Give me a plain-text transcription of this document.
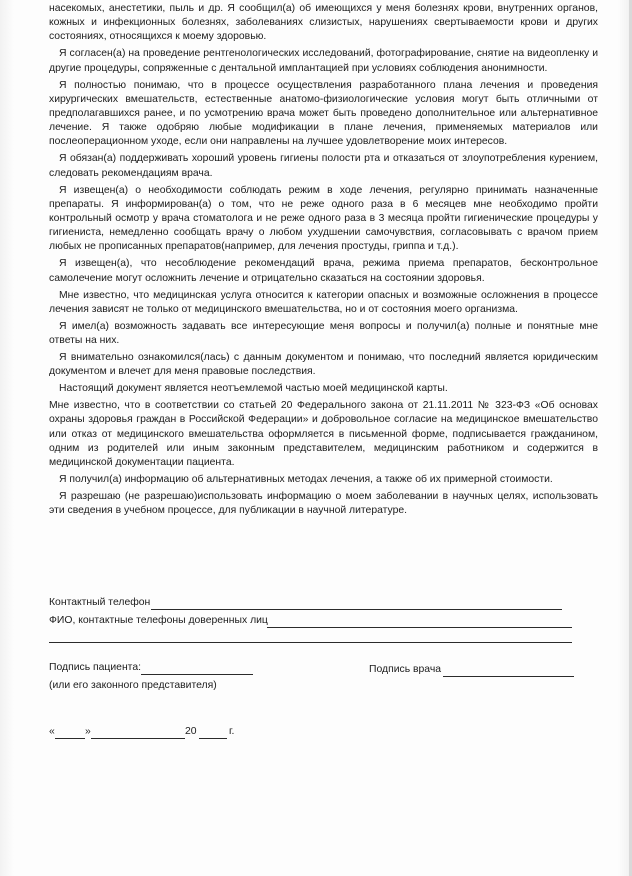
насекомых, анестетики, пыль и др. Я сообщил(а) об имеющихся у меня болезнях крови, внутренних органов, кожных и инфекционных болезнях, заболеваниях слизистых, нарушениях свертываемости крови и других состояниях, относящихся к моему здоровью.

Я согласен(а) на проведение рентгенологических исследований, фотографирование, снятие на видеопленку и другие процедуры, сопряженные с дентальной имплантацией при условиях соблюдения анонимности.

Я полностью понимаю, что в процессе осуществления разработанного плана лечения и проведения хирургических вмешательств, естественные анатомо-физиологические условия могут быть отличными от предполагавшихся ранее, и по усмотрению врача может быть проведено дополнительное или альтернативное лечение. Я также одобряю любые модификации в плане лечения, применяемых материалов или послеоперационном уходе, если они направлены на лучшее удовлетворение моих интересов.

Я обязан(а) поддерживать хороший уровень гигиены полости рта и отказаться от злоупотребления курением, следовать рекомендациям врача.

Я извещен(а) о необходимости соблюдать режим в ходе лечения, регулярно принимать назначенные препараты. Я информирован(а) о том, что не реже одного раза в 6 месяцев мне необходимо пройти контрольный осмотр у врача стоматолога и не реже одного раза в 3 месяца пройти гигиенические процедуры у гигиениста, немедленно сообщать врачу о любом ухудшении самочувствия, согласовывать с врачом прием любых не прописанных препаратов(например, для лечения простуды, гриппа и т.д.).

Я извещен(а), что несоблюдение рекомендаций врача, режима приема препаратов, бесконтрольное самолечение могут осложнить лечение и отрицательно сказаться на состоянии здоровья.

Мне известно, что медицинская услуга относится к категории опасных и возможные осложнения в процессе лечения зависят не только от медицинского вмешательства, но и от состояния моего организма.

Я имел(а) возможность задавать все интересующие меня вопросы и получил(а) полные и понятные мне ответы на них.

Я внимательно ознакомился(лась) с данным документом и понимаю, что последний является юридическим документом и влечет для меня правовые последствия.

Настоящий документ является неотъемлемой частью моей медицинской карты.

Мне известно, что в соответствии со статьей 20 Федерального закона от 21.11.2011 № 323-ФЗ «Об основах охраны здоровья граждан в Российской Федерации» и добровольное согласие на медицинское вмешательство или отказ от медицинского вмешательства оформляется в письменной форме, подписывается гражданином, одним из родителей или иным законным представителем, медицинским работником и содержится в медицинской документации пациента.

Я получил(а) информацию об альтернативных методах лечения, а также об их примерной стоимости.

Я разрешаю (не разрешаю)использовать информацию о моем заболевании в научных целях, использовать эти сведения в учебном процессе, для публикации в научной литературе.

Контактный телефон
ФИО, контактные телефоны доверенных лиц
Подпись пациента:	Подпись врача
(или его законного представителя)
«	»	20	г.
